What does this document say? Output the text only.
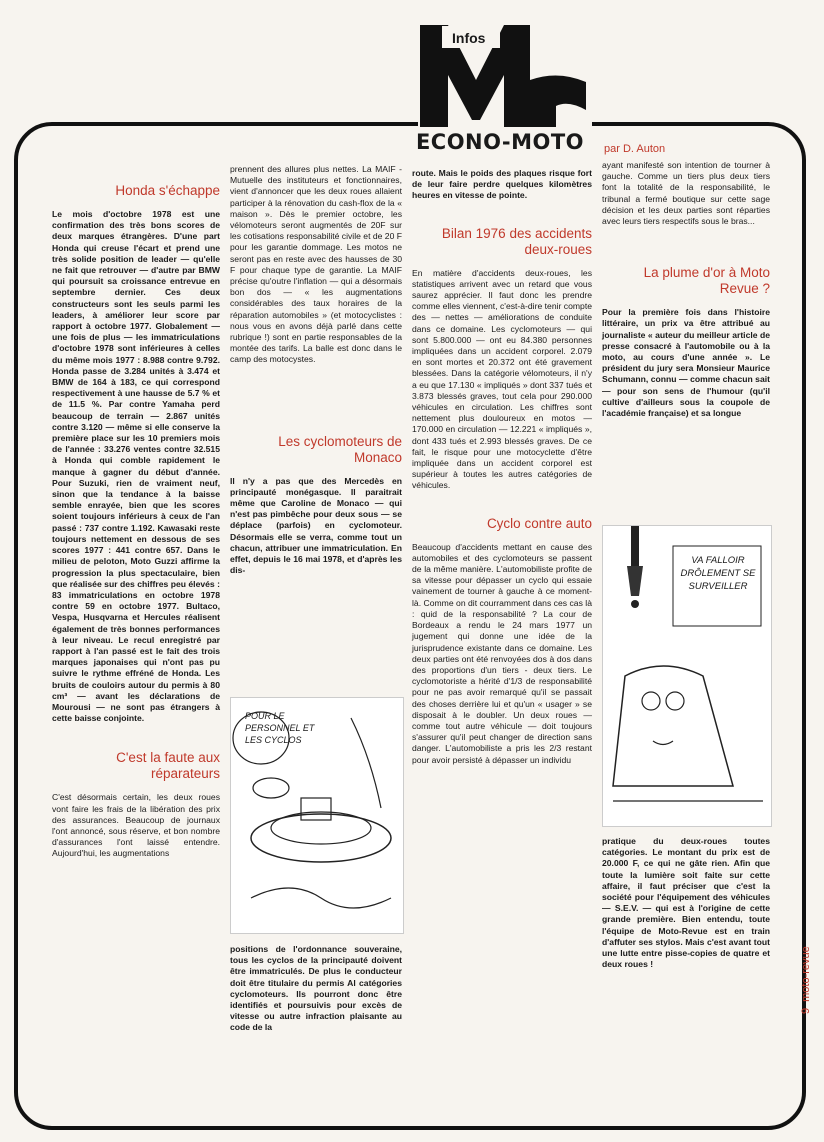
Infos
ECONO-MOTO	par D. Auton
Honda s'échappe

Le mois d'octobre 1978 est une confirmation des très bons scores de deux marques étrangères. D'une part Honda qui creuse l'écart et prend une très solide position de leader — qu'elle ne fait que retrouver — d'autre par BMW qui poursuit sa croissance entrevue en septembre dernier. Ces deux constructeurs sont les seuls parmi les leaders, à améliorer leur score par rapport à octobre 1977. Globalement — une fois de plus — les immatriculations d'octobre 1978 sont inférieures à celles du même mois 1977 : 8.988 contre 9.792. Honda passe de 3.284 unités à 3.474 et BMW de 164 à 183, ce qui correspond respectivement à une hausse de 5.7 % et de 11.5 %. Par contre Yamaha perd beaucoup de terrain — 2.867 unités contre 3.120 — même si elle conserve la première place sur les 10 premiers mois de l'année : 33.276 ventes contre 32.515 à Honda qui comble rapidement le manque à gagner du début d'année. Pour Suzuki, rien de vraiment neuf, sinon que la tendance à la baisse semble enrayée, bien que les scores soient toujours inférieurs à ceux de l'an passé : 737 contre 1.192. Kawasaki reste toujours nettement en dessous de ses scores 1977 : 441 contre 657. Dans le milieu de peloton, Moto Guzzi affirme la progression la plus spectaculaire, bien que réalisée sur des chiffres peu élevés : 83 immatriculations en octobre 1978 contre 59 en octobre 1977. Bultaco, Vespa, Husqvarna et Hercules réalisent également de très bonnes performances à leur niveau. Le recul enregistré par rapport à l'an passé est le fait des trois marques japonaises qui n'ont pas pu suivre le rythme effréné de Honda. Les bruits de couloirs autour du permis à 80 cm³ — avant les déclarations de Mourousi — ne sont pas étrangers à cette baisse conjointe.

C'est la faute aux réparateurs

C'est désormais certain, les deux roues vont faire les frais de la libération des prix des assurances. Beaucoup de journaux l'ont annoncé, sous réserve, et bon nombre d'assurances l'ont laissé entendre. Aujourd'hui, les augmentations

prennent des allures plus nettes. La MAIF - Mutuelle des instituteurs et fonctionnaires, vient d'annoncer que les deux roues allaient participer à la rénovation du cash-flox de la « maison ». Dès le premier octobre, les vélomoteurs seront augmentés de 20F sur les cotisations responsabilité civile et de 20 F pour les garantie dommage. Les motos ne seront pas en reste avec des hausses de 30 F pour chaque type de garantie. La MAIF précise qu'outre l'inflation — qui a désormais bon dos — « les augmentations considérables des taux horaires de la réparation automobiles » (et motocyclistes : nous vous en avons déjà parlé dans cette rubrique !) sont en partie responsables de la montée des tarifs. La balle est donc dans le camp des motocystes.

Les cyclomoteurs de Monaco

Il n'y a pas que des Mercedès en principauté monégasque. Il paraitrait même que Caroline de Monaco — qui n'est pas pimbêche pour deux sous — se déplace (parfois) en cyclomoteur. Désormais elle se verra, comme tout un chacun, attribuer une immatriculation. En effet, depuis le 16 mai 1978, et d'après les dis-

POUR LE PERSONNEL ET LES CYCLOS

positions de l'ordonnance souveraine, tous les cyclos de la principauté doivent être immatriculés. De plus le conducteur doit être titulaire du permis Al catégories cyclomoteurs. Ils pourront donc être identifiés et poursuivis pour excès de vitesse ou autre infraction plaisante au code de la

route. Mais le poids des plaques risque fort de leur faire perdre quelques kilomètres heures en vitesse de pointe.

Bilan 1976 des accidents deux-roues

En matière d'accidents deux-roues, les statistiques arrivent avec un retard que vous saurez apprécier. Il faut donc les prendre comme elles viennent, c'est-à-dire tenir compte des — nettes — améliorations de conduite dans ce domaine. Les cyclomoteurs — qui sont 5.800.000 — ont eu 84.380 personnes impliquées dans un accident corporel. 2.079 en sont mortes et 20.372 ont été gravement blessées. Dans la catégorie vélomoteurs, il n'y a eu que 17.130 « impliqués » dont 337 tués et 3.873 blessés graves, tout cela pour 290.000 véhicules en circulation. Les chiffres sont nettement plus douloureux en motos — 170.000 en circulation — 12.221 « impliqués », dont 433 tués et 2.993 blessés graves. De ce fait, le risque pour une motocyclette d'être impliquée dans un accident corporel est supérieur à toutes les autres catégories de véhicules.

Cyclo contre auto

Beaucoup d'accidents mettant en cause des automobiles et des cyclomoteurs se passent de la même manière. L'automobiliste profite de sa vitesse pour dépasser un cyclo qui essaie vainement de tourner à gauche à ce moment-là. Comme on dit courramment dans ces cas là : quid de la responsabilité ? La cour de Bordeaux a rendu le 24 mars 1977 un jugement qui donne une idée de la jurisprudence existante dans ce domaine. Les deux parties ont été renvoyées dos à dos dans des proportions d'un tiers - deux tiers. Le cyclomotoriste a hérité d'1/3 de responsabilité pour ne pas avoir remarqué qu'il se passait des choses derrière lui et qu'un « usager » se disposait à le doubler. Un deux roues — comme tout autre véhicule — doit toujours s'assurer qu'il peut changer de direction sans danger. L'automobiliste a pris les 2/3 restant pour avoir persisté à dépasser un individu

ayant manifesté son intention de tourner à gauche. Comme un tiers plus deux tiers font la totalité de la responsabilité, le tribunal a fermé boutique sur cette sage décision et les deux parties sont réparties avec leurs tiers respectifs sous le bras...

La plume d'or à Moto Revue ?

Pour la première fois dans l'histoire littéraire, un prix va être attribué au journaliste « auteur du meilleur article de presse consacré à l'automobile ou à la moto, au cours d'une année ». Le président du jury sera Monsieur Maurice Schumann, connu — comme chacun sait — pour son sens de l'humour (qu'il cultive d'ailleurs sous la coupole de l'académie française) et sa longue

VA FALLOIR DRÔLEMENT SE SURVEILLER

pratique du deux-roues toutes catégories. Le montant du prix est de 20.000 F, ce qui ne gâte rien. Afin que toute la lumière soit faite sur cette affaire, il faut préciser que c'est la société pour l'équipement des véhicules — S.E.V. — qui est à l'origine de cette grande première. Bien entendu, toute l'équipe de Moto-Revue est en train d'affuter ses stylos. Mais c'est avant tout une lutte entre pisse-copies de quatre et deux roues !

9moto-revue
